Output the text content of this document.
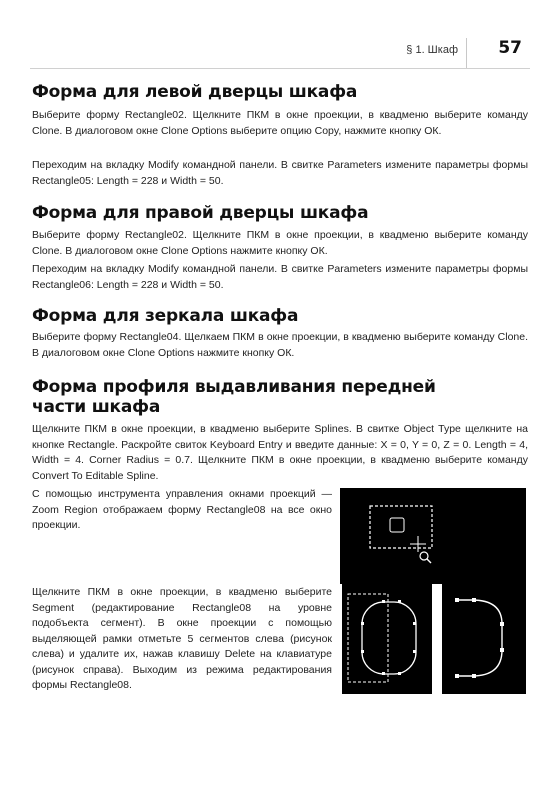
§ 1. Шкаф	57
Форма для левой дверцы шкафа

Выберите форму Rectangle02. Щелкните ПКМ в окне проекции, в квадменю выберите команду Clone. В диалоговом окне Clone Options выберите опцию Copy, нажмите кнопку ОК.

Переходим на вкладку Modify командной панели. В свитке Parameters измените параметры формы Rectangle05: Length = 228 и Width = 50.

Форма для правой дверцы шкафа

Выберите форму Rectangle02. Щелкните ПКМ в окне проекции, в квадменю выберите команду Clone. В диалоговом окне Clone Options нажмите кнопку ОК.

Переходим на вкладку Modify командной панели. В свитке Parameters измените параметры формы Rectangle06: Length = 228 и Width = 50.

Форма для зеркала шкафа

Выберите форму Rectangle04. Щелкаем ПКМ в окне проекции, в квадменю выберите команду Clone. В диалоговом окне Clone Options нажмите кнопку ОК.

Форма профиля выдавливания передней части шкафа

Щелкните ПКМ в окне проекции, в квадменю выберите Splines. В свитке Object Type щелкните на кнопке Rectangle. Раскройте свиток Keyboard Entry и введите данные: X = 0, Y = 0, Z = 0. Length = 4, Width = 4. Corner Radius = 0.7. Щелкните ПКМ в окне проекции, в квадменю выберите команду Convert To Editable Spline.

С помощью инструмента управления окнами проекций — Zoom Region отображаем форму Rectangle08 на все окно проекции.

Щелкните ПКМ в окне проекции, в квадменю выберите Segment (редактирование Rectangle08 на уровне подобъекта сегмент). В окне проекции с помощью выделяющей рамки отметьте 5 сегментов слева (рисунок слева) и удалите их, нажав клавишу Delete на клавиатуре (рисунок справа). Выходим из режима редактирования формы Rectangle08.
